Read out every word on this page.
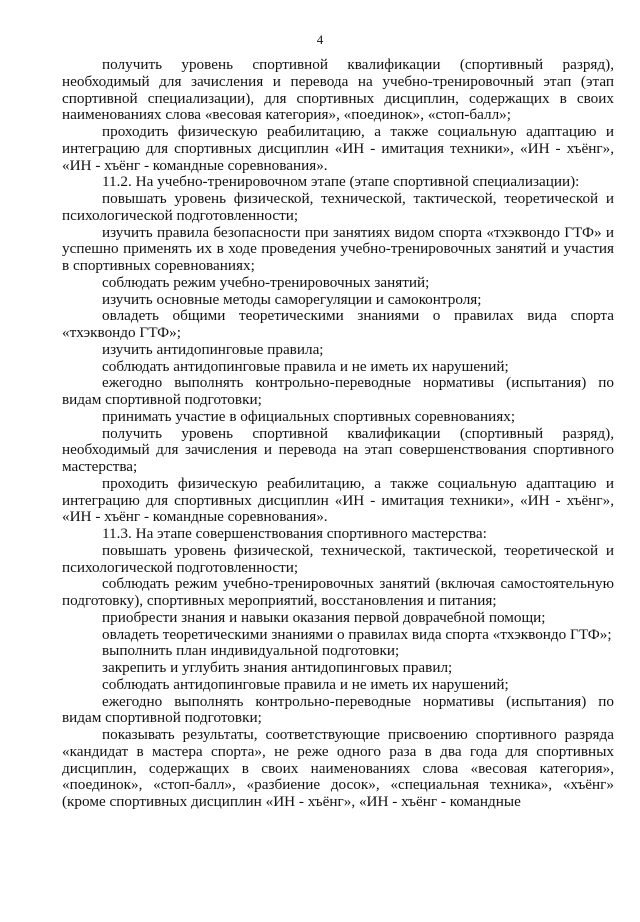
4

получить уровень спортивной квалификации (спортивный разряд), необходимый для зачисления и перевода на учебно-тренировочный этап (этап спортивной специализации), для спортивных дисциплин, содержащих в своих наименованиях слова «весовая категория», «поединок», «стоп-балл»;

проходить физическую реабилитацию, а также социальную адаптацию и интеграцию для спортивных дисциплин «ИН - имитация техники», «ИН - хъёнг», «ИН - хъёнг - командные соревнования».

11.2. На учебно-тренировочном этапе (этапе спортивной специализации):

повышать уровень физической, технической, тактической, теоретической и психологической подготовленности;

изучить правила безопасности при занятиях видом спорта «тхэквондо ГТФ» и успешно применять их в ходе проведения учебно-тренировочных занятий и участия в спортивных соревнованиях;

соблюдать режим учебно-тренировочных занятий;

изучить основные методы саморегуляции и самоконтроля;

овладеть общими теоретическими знаниями о правилах вида спорта «тхэквондо ГТФ»;

изучить антидопинговые правила;

соблюдать антидопинговые правила и не иметь их нарушений;

ежегодно выполнять контрольно-переводные нормативы (испытания) по видам спортивной подготовки;

принимать участие в официальных спортивных соревнованиях;

получить уровень спортивной квалификации (спортивный разряд), необходимый для зачисления и перевода на этап совершенствования спортивного мастерства;

проходить физическую реабилитацию, а также социальную адаптацию и интеграцию для спортивных дисциплин «ИН - имитация техники», «ИН - хъёнг», «ИН - хъёнг - командные соревнования».

11.3. На этапе совершенствования спортивного мастерства:

повышать уровень физической, технической, тактической, теоретической и психологической подготовленности;

соблюдать режим учебно-тренировочных занятий (включая самостоятельную подготовку), спортивных мероприятий, восстановления и питания;

приобрести знания и навыки оказания первой доврачебной помощи;

овладеть теоретическими знаниями о правилах вида спорта «тхэквондо ГТФ»;

выполнить план индивидуальной подготовки;

закрепить и углубить знания антидопинговых правил;

соблюдать антидопинговые правила и не иметь их нарушений;

ежегодно выполнять контрольно-переводные нормативы (испытания) по видам спортивной подготовки;

показывать результаты, соответствующие присвоению спортивного разряда «кандидат в мастера спорта», не реже одного раза в два года для спортивных дисциплин, содержащих в своих наименованиях слова «весовая категория», «поединок», «стоп-балл», «разбиение досок», «специальная техника», «хъёнг» (кроме спортивных дисциплин «ИН - хъёнг», «ИН - хъёнг - командные
